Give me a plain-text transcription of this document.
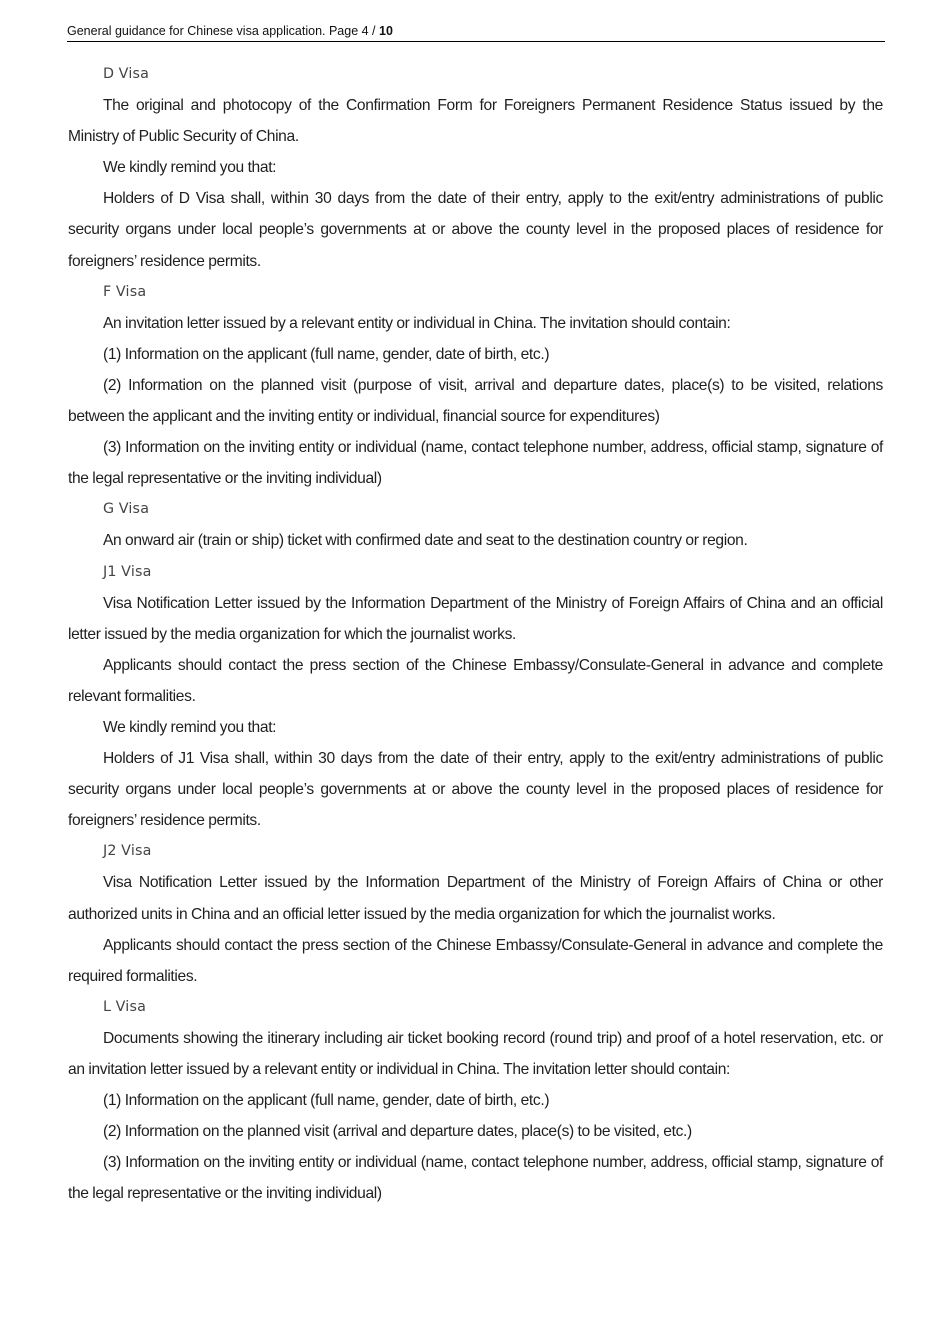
General guidance for Chinese visa application. Page 4 / 10

D Visa

The original and photocopy of the Confirmation Form for Foreigners Permanent Residence Status issued by the Ministry of Public Security of China.

We kindly remind you that:

Holders of D Visa shall, within 30 days from the date of their entry, apply to the exit/entry administrations of public security organs under local people’s governments at or above the county level in the proposed places of residence for foreigners’ residence permits.

F Visa

An invitation letter issued by a relevant entity or individual in China. The invitation should contain:

(1) Information on the applicant (full name, gender, date of birth, etc.)

(2) Information on the planned visit (purpose of visit, arrival and departure dates, place(s) to be visited, relations between the applicant and the inviting entity or individual, financial source for expenditures)

(3) Information on the inviting entity or individual (name, contact telephone number, address, official stamp, signature of the legal representative or the inviting individual)

G Visa

An onward air (train or ship) ticket with confirmed date and seat to the destination country or region.

J1 Visa

Visa Notification Letter issued by the Information Department of the Ministry of Foreign Affairs of China and an official letter issued by the media organization for which the journalist works.

Applicants should contact the press section of the Chinese Embassy/Consulate-General in advance and complete relevant formalities.

We kindly remind you that:

Holders of J1 Visa shall, within 30 days from the date of their entry, apply to the exit/entry administrations of public security organs under local people’s governments at or above the county level in the proposed places of residence for foreigners’ residence permits.

J2 Visa

Visa Notification Letter issued by the Information Department of the Ministry of Foreign Affairs of China or other authorized units in China and an official letter issued by the media organization for which the journalist works.

Applicants should contact the press section of the Chinese Embassy/Consulate-General in advance and complete the required formalities.

L Visa

Documents showing the itinerary including air ticket booking record (round trip) and proof of a hotel reservation, etc. or an invitation letter issued by a relevant entity or individual in China. The invitation letter should contain:

(1) Information on the applicant (full name, gender, date of birth, etc.)

(2) Information on the planned visit (arrival and departure dates, place(s) to be visited, etc.)

(3) Information on the inviting entity or individual (name, contact telephone number, address, official stamp, signature of the legal representative or the inviting individual)
